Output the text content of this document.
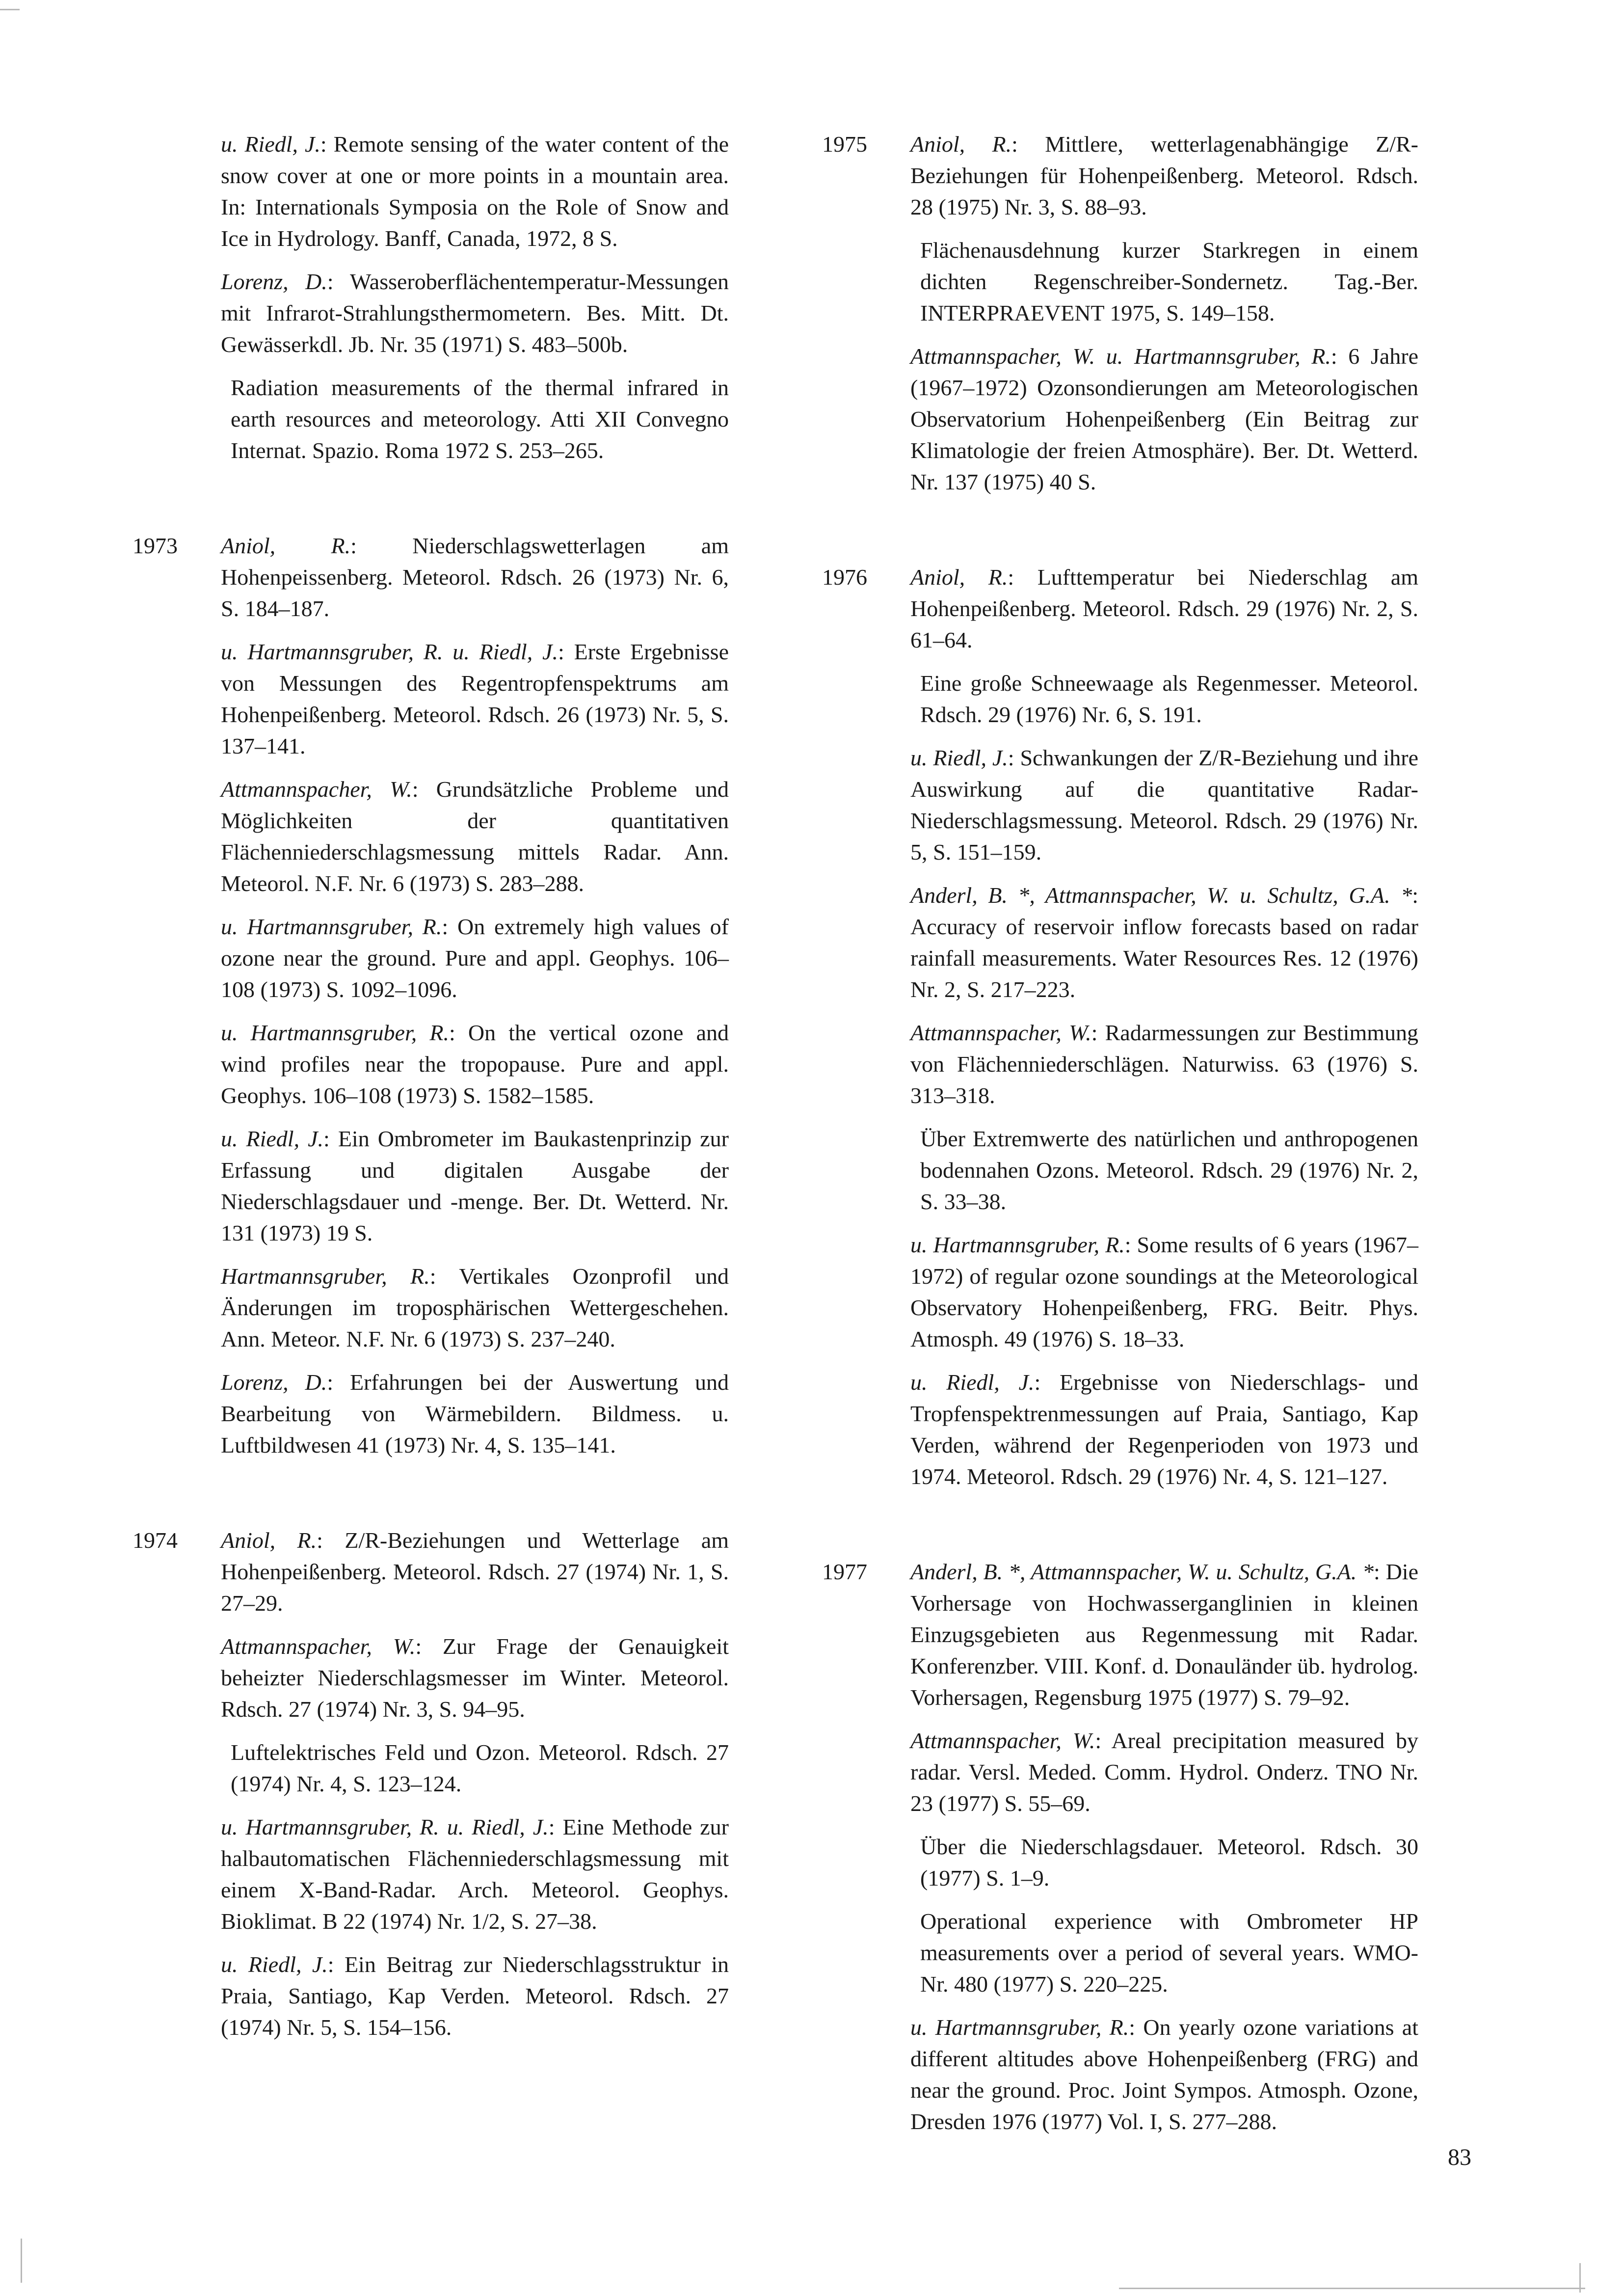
u. Riedl, J.: Remote sensing of the water content of the snow cover at one or more points in a mountain area. In: Internationals Symposia on the Role of Snow and Ice in Hydrology. Banff, Canada, 1972, 8 S.

Lorenz, D.: Wasseroberflächentemperatur-Messungen mit Infrarot-Strahlungsthermometern. Bes. Mitt. Dt. Gewässerkdl. Jb. Nr. 35 (1971) S. 483–500b.

Radiation measurements of the thermal infrared in earth resources and meteorology. Atti XII Convegno Internat. Spazio. Roma 1972 S. 253–265.

1973	Aniol, R.: Niederschlagswetterlagen am Hohenpeissenberg. Meteorol. Rdsch. 26 (1973) Nr. 6, S. 184–187.

u. Hartmannsgruber, R. u. Riedl, J.: Erste Ergebnisse von Messungen des Regentropfenspektrums am Hohenpeißenberg. Meteorol. Rdsch. 26 (1973) Nr. 5, S. 137–141.

Attmannspacher, W.: Grundsätzliche Probleme und Möglichkeiten der quantitativen Flächenniederschlagsmessung mittels Radar. Ann. Meteorol. N.F. Nr. 6 (1973) S. 283–288.

u. Hartmannsgruber, R.: On extremely high values of ozone near the ground. Pure and appl. Geophys. 106–108 (1973) S. 1092–1096.

u. Hartmannsgruber, R.: On the vertical ozone and wind profiles near the tropopause. Pure and appl. Geophys. 106–108 (1973) S. 1582–1585.

u. Riedl, J.: Ein Ombrometer im Baukastenprinzip zur Erfassung und digitalen Ausgabe der Niederschlagsdauer und -menge. Ber. Dt. Wetterd. Nr. 131 (1973) 19 S.

Hartmannsgruber, R.: Vertikales Ozonprofil und Änderungen im troposphärischen Wettergeschehen. Ann. Meteor. N.F. Nr. 6 (1973) S. 237–240.

Lorenz, D.: Erfahrungen bei der Auswertung und Bearbeitung von Wärmebildern. Bildmess. u. Luftbildwesen 41 (1973) Nr. 4, S. 135–141.

1974	Aniol, R.: Z/R-Beziehungen und Wetterlage am Hohenpeißenberg. Meteorol. Rdsch. 27 (1974) Nr. 1, S. 27–29.

Attmannspacher, W.: Zur Frage der Genauigkeit beheizter Niederschlagsmesser im Winter. Meteorol. Rdsch. 27 (1974) Nr. 3, S. 94–95.

Luftelektrisches Feld und Ozon. Meteorol. Rdsch. 27 (1974) Nr. 4, S. 123–124.

u. Hartmannsgruber, R. u. Riedl, J.: Eine Methode zur halbautomatischen Flächenniederschlagsmessung mit einem X-Band-Radar. Arch. Meteorol. Geophys. Bioklimat. B 22 (1974) Nr. 1/2, S. 27–38.

u. Riedl, J.: Ein Beitrag zur Niederschlagsstruktur in Praia, Santiago, Kap Verden. Meteorol. Rdsch. 27 (1974) Nr. 5, S. 154–156.

1975	Aniol, R.: Mittlere, wetterlagenabhängige Z/R-Beziehungen für Hohenpeißenberg. Meteorol. Rdsch. 28 (1975) Nr. 3, S. 88–93.

Flächenausdehnung kurzer Starkregen in einem dichten Regenschreiber-Sondernetz. Tag.-Ber. INTERPRAEVENT 1975, S. 149–158.

Attmannspacher, W. u. Hartmannsgruber, R.: 6 Jahre (1967–1972) Ozonsondierungen am Meteorologischen Observatorium Hohenpeißenberg (Ein Beitrag zur Klimatologie der freien Atmosphäre). Ber. Dt. Wetterd. Nr. 137 (1975) 40 S.

1976	Aniol, R.: Lufttemperatur bei Niederschlag am Hohenpeißenberg. Meteorol. Rdsch. 29 (1976) Nr. 2, S. 61–64.

Eine große Schneewaage als Regenmesser. Meteorol. Rdsch. 29 (1976) Nr. 6, S. 191.

u. Riedl, J.: Schwankungen der Z/R-Beziehung und ihre Auswirkung auf die quantitative Radar-Niederschlagsmessung. Meteorol. Rdsch. 29 (1976) Nr. 5, S. 151–159.

Anderl, B. *, Attmannspacher, W. u. Schultz, G.A. *: Accuracy of reservoir inflow forecasts based on radar rainfall measurements. Water Resources Res. 12 (1976) Nr. 2, S. 217–223.

Attmannspacher, W.: Radarmessungen zur Bestimmung von Flächenniederschlägen. Naturwiss. 63 (1976) S. 313–318.

Über Extremwerte des natürlichen und anthropogenen bodennahen Ozons. Meteorol. Rdsch. 29 (1976) Nr. 2, S. 33–38.

u. Hartmannsgruber, R.: Some results of 6 years (1967–1972) of regular ozone soundings at the Meteorological Observatory Hohenpeißenberg, FRG. Beitr. Phys. Atmosph. 49 (1976) S. 18–33.

u. Riedl, J.: Ergebnisse von Niederschlags- und Tropfenspektrenmessungen auf Praia, Santiago, Kap Verden, während der Regenperioden von 1973 und 1974. Meteorol. Rdsch. 29 (1976) Nr. 4, S. 121–127.

1977	Anderl, B. *, Attmannspacher, W. u. Schultz, G.A. *: Die Vorhersage von Hochwasserganglinien in kleinen Einzugsgebieten aus Regenmessung mit Radar. Konferenzber. VIII. Konf. d. Donauländer üb. hydrolog. Vorhersagen, Regensburg 1975 (1977) S. 79–92.

Attmannspacher, W.: Areal precipitation measured by radar. Versl. Meded. Comm. Hydrol. Onderz. TNO Nr. 23 (1977) S. 55–69.

Über die Niederschlagsdauer. Meteorol. Rdsch. 30 (1977) S. 1–9.

Operational experience with Ombrometer HP measurements over a period of several years. WMO-Nr. 480 (1977) S. 220–225.

u. Hartmannsgruber, R.: On yearly ozone variations at different altitudes above Hohenpeißenberg (FRG) and near the ground. Proc. Joint Sympos. Atmosph. Ozone, Dresden 1976 (1977) Vol. I, S. 277–288.

83
